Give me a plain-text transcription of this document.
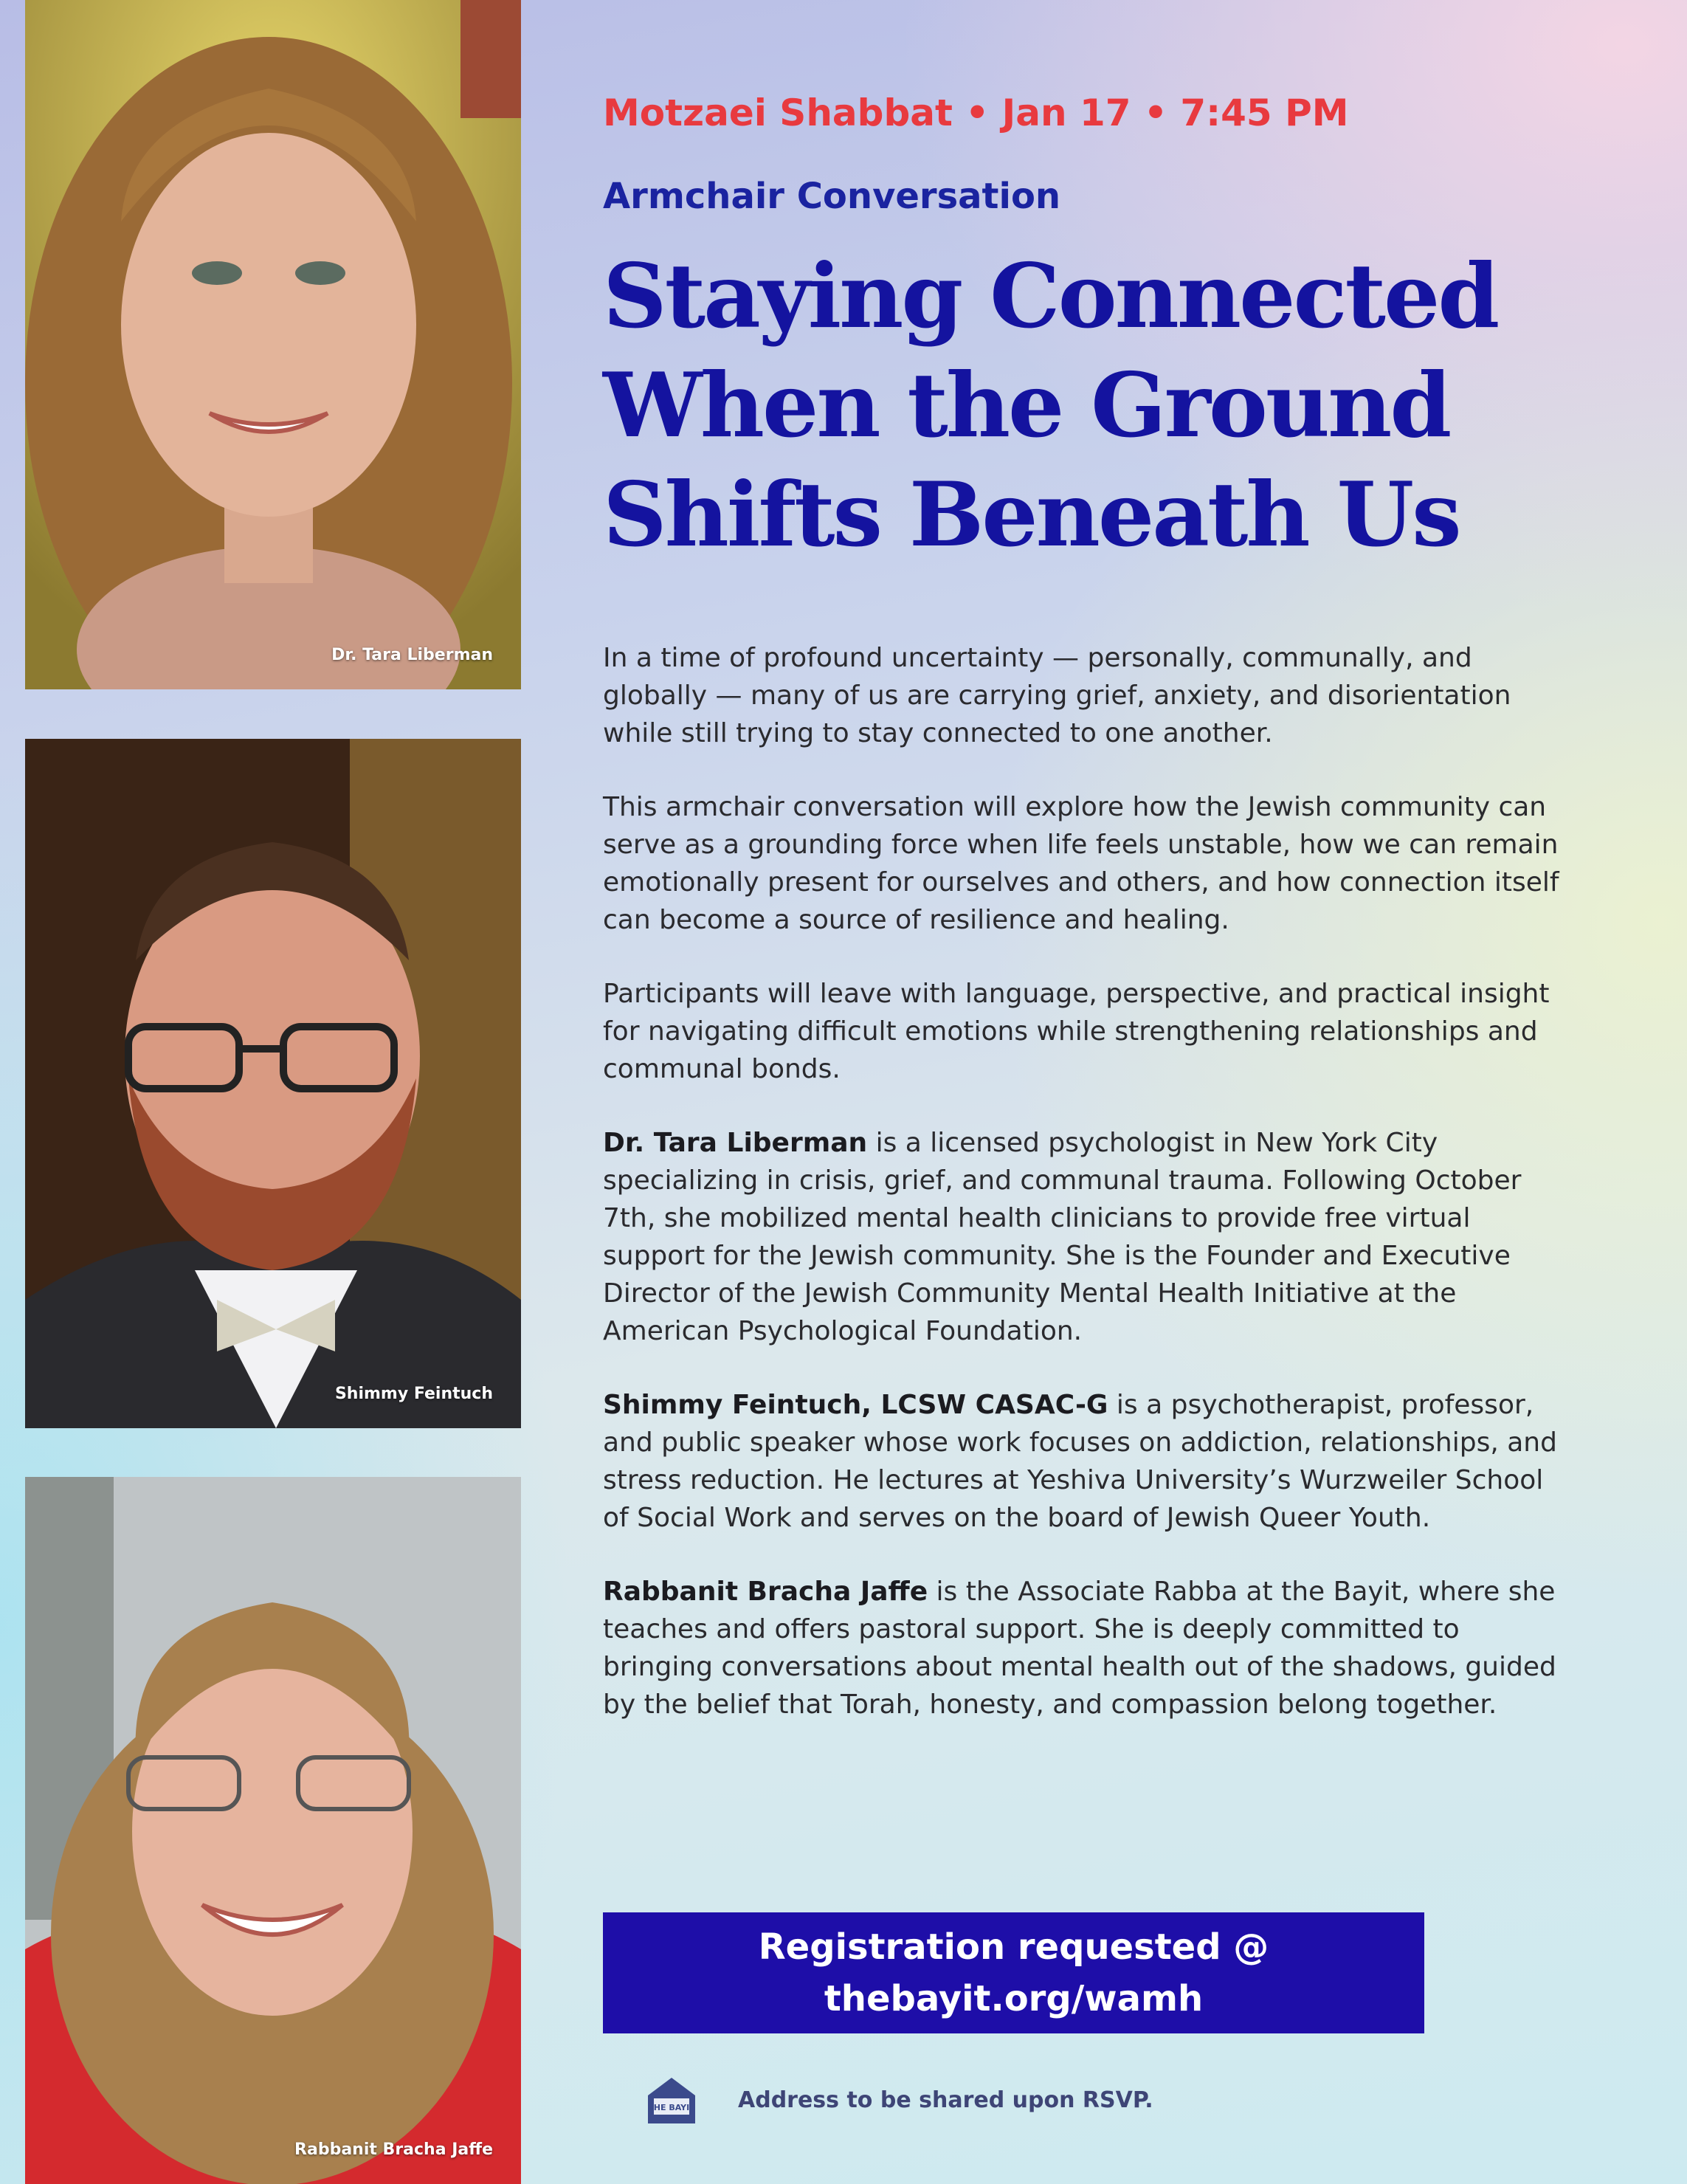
Dr. Tara Liberman
Shimmy Feintuch
Rabbanit Bracha Jaffe
Motzaei Shabbat • Jan 17 • 7:45 PM
Armchair Conversation
Staying Connected
When the Ground
Shifts Beneath Us

In a time of profound uncertainty — personally, communally, and globally — many of us are carrying grief, anxiety, and disorientation while still trying to stay connected to one another.

This armchair conversation will explore how the Jewish community can serve as a grounding force when life feels unstable, how we can remain emotionally present for ourselves and others, and how connection itself can become a source of resilience and healing.

Participants will leave with language, perspective, and practical insight for navigating difficult emotions while strengthening relationships and communal bonds.

Dr. Tara Liberman is a licensed psychologist in New York City specializing in crisis, grief, and communal trauma. Following October 7th, she mobilized mental health clinicians to provide free virtual support for the Jewish community. She is the Founder and Executive Director of the Jewish Community Mental Health Initiative at the American Psychological Foundation.

Shimmy Feintuch, LCSW CASAC-G is a psychotherapist, professor, and public speaker whose work focuses on addiction, relationships, and stress reduction. He lectures at Yeshiva University’s Wurzweiler School of Social Work and serves on the board of Jewish Queer Youth.

Rabbanit Bracha Jaffe is the Associate Rabba at the Bayit, where she teaches and offers pastoral support. She is deeply committed to bringing conversations about mental health out of the shadows, guided by the belief that Torah, honesty, and compassion belong together.

Registration requested @
thebayit.org/wamh
THE BAYIT Address to be shared upon RSVP.
